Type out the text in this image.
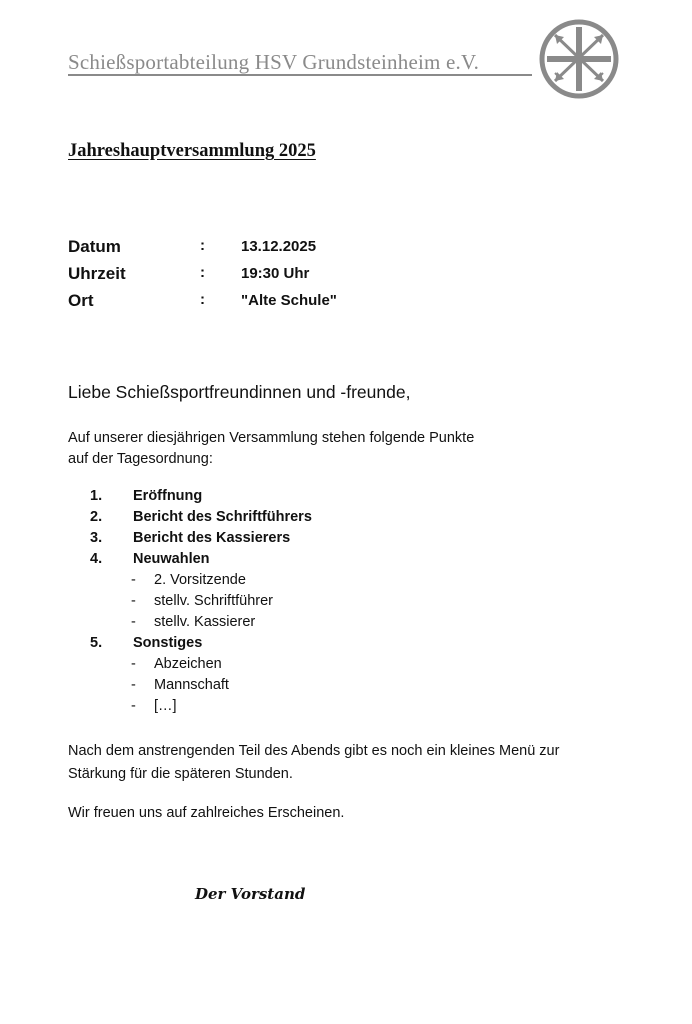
Schießsportabteilung HSV Grundsteinheim e.V.
Jahreshauptversammlung 2025
Datum	: 13.12.2025
Uhrzeit	: 19:30 Uhr
Ort	: "Alte Schule"
Liebe Schießsportfreundinnen und -freunde,
Auf unserer diesjährigen Versammlung stehen folgende Punkte
auf der Tagesordnung:
1. Eröffnung
2. Bericht des Schriftführers
3. Bericht des Kassierers
4. Neuwahlen
- 2. Vorsitzende
- stellv. Schriftführer
- stellv. Kassierer
5. Sonstiges
- Abzeichen
- Mannschaft
- […]
Nach dem anstrengenden Teil des Abends gibt es noch ein kleines Menü zur
Stärkung für die späteren Stunden.
Wir freuen uns auf zahlreiches Erscheinen.
Der Vorstand
